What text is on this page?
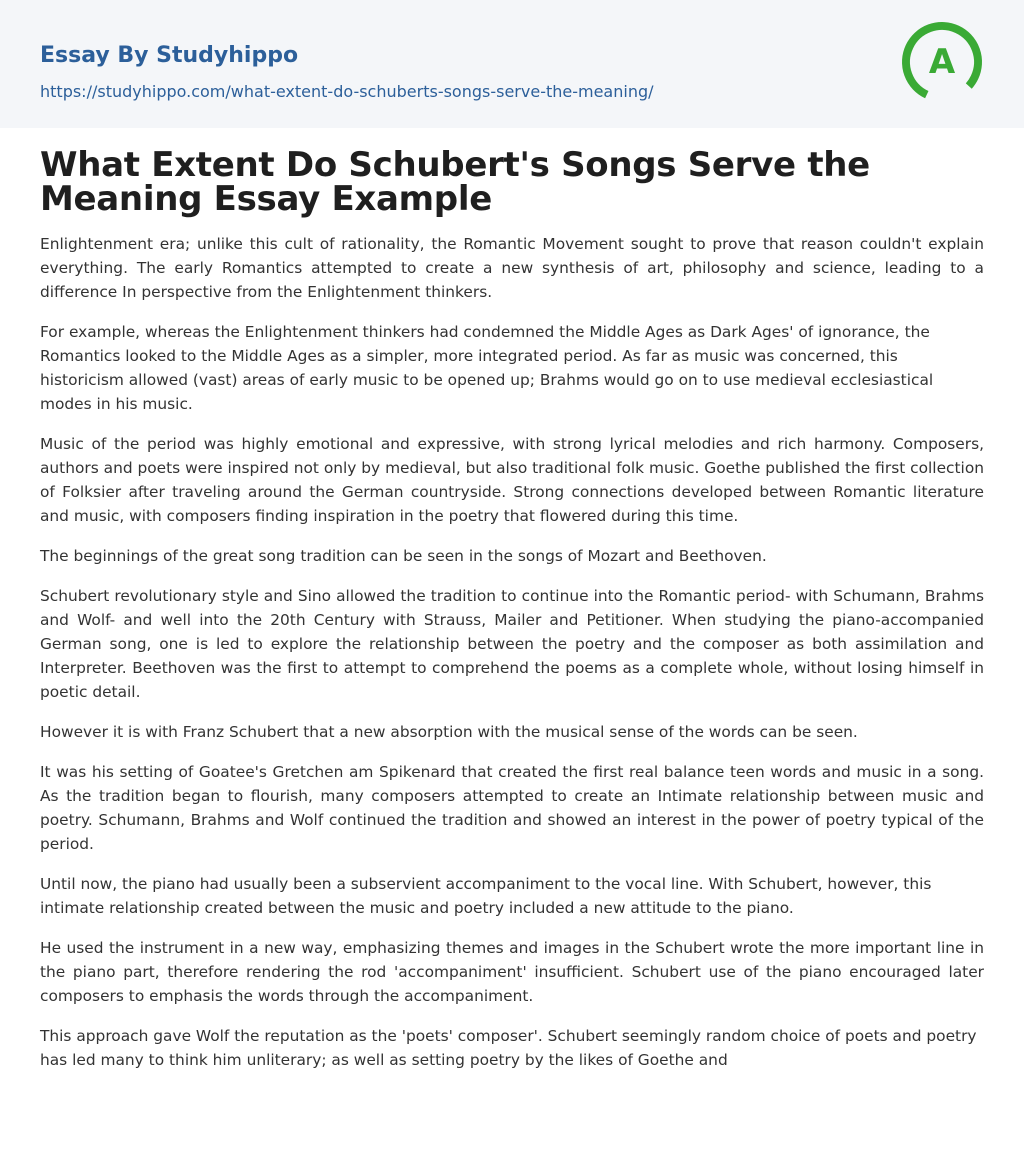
Essay By Studyhippo
https://studyhippo.com/what-extent-do-schuberts-songs-serve-the-meaning/
A
What Extent Do Schubert's Songs Serve the Meaning Essay Example

Enlightenment era; unlike this cult of rationality, the Romantic Movement sought to prove that reason couldn't explain everything. The early Romantics attempted to create a new synthesis of art, philosophy and science, leading to a difference In perspective from the Enlightenment thinkers.

For example, whereas the Enlightenment thinkers had condemned the Middle Ages as Dark Ages' of ignorance, the Romantics looked to the Middle Ages as a simpler, more integrated period. As far as music was concerned, this historicism allowed (vast) areas of early music to be opened up; Brahms would go on to use medieval ecclesiastical modes in his music.

Music of the period was highly emotional and expressive, with strong lyrical melodies and rich harmony. Composers, authors and poets were inspired not only by medieval, but also traditional folk music. Goethe published the first collection of Folksier after traveling around the German countryside. Strong connections developed between Romantic literature and music, with composers finding inspiration in the poetry that flowered during this time.

The beginnings of the great song tradition can be seen in the songs of Mozart and Beethoven.

Schubert revolutionary style and Sino allowed the tradition to continue into the Romantic period- with Schumann, Brahms and Wolf- and well into the 20th Century with Strauss, Mailer and Petitioner. When studying the piano-accompanied German song, one is led to explore the relationship between the poetry and the composer as both assimilation and Interpreter. Beethoven was the first to attempt to comprehend the poems as a complete whole, without losing himself in poetic detail.

However it is with Franz Schubert that a new absorption with the musical sense of the words can be seen.

It was his setting of Goatee's Gretchen am Spikenard that created the first real balance teen words and music in a song. As the tradition began to flourish, many composers attempted to create an Intimate relationship between music and poetry. Schumann, Brahms and Wolf continued the tradition and showed an interest in the power of poetry typical of the period.

Until now, the piano had usually been a subservient accompaniment to the vocal line. With Schubert, however, this intimate relationship created between the music and poetry included a new attitude to the piano.

He used the instrument in a new way, emphasizing themes and images in the Schubert wrote the more important line in the piano part, therefore rendering the rod 'accompaniment' insufficient. Schubert use of the piano encouraged later composers to emphasis the words through the accompaniment.

This approach gave Wolf the reputation as the 'poets' composer'. Schubert seemingly random choice of poets and poetry has led many to think him unliterary; as well as setting poetry by the likes of Goethe and
